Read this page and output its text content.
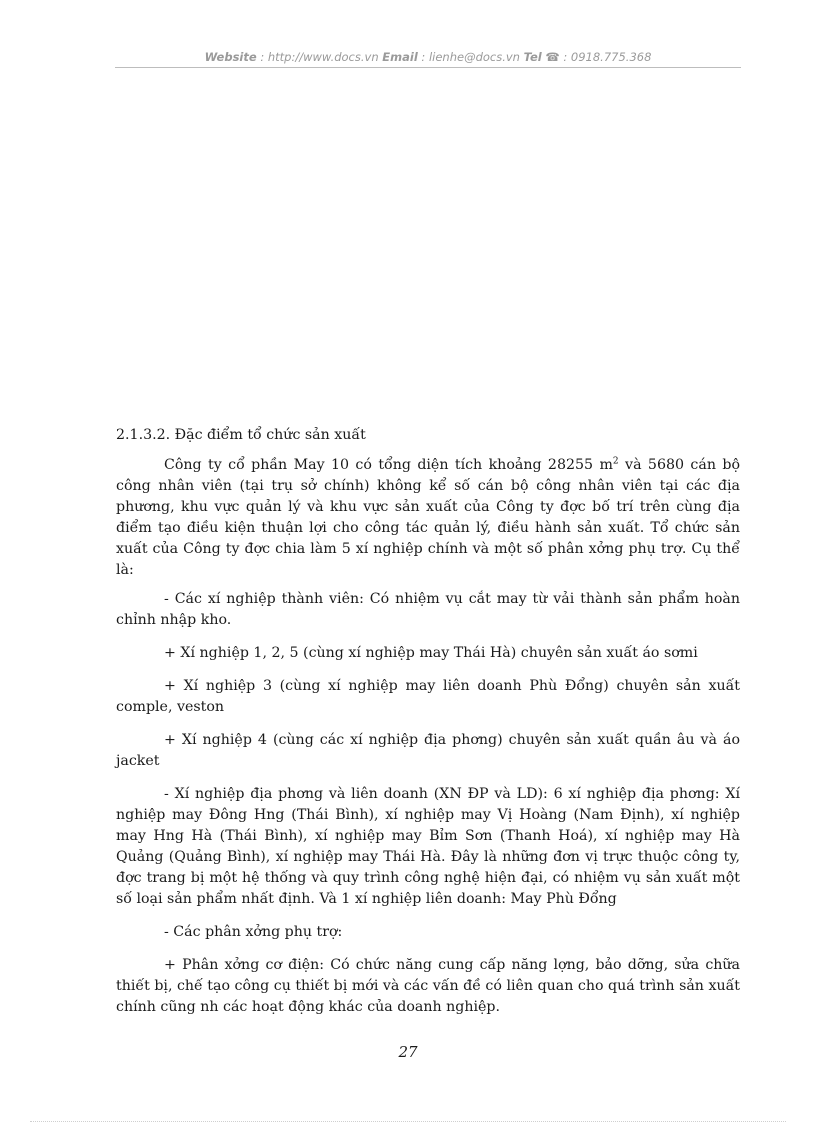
Website : http://www.docs.vn Email : lienhe@docs.vn Tel ☎ : 0918.775.368

2.1.3.2. Đặc điểm tổ chức sản xuất

Công ty cổ phần May 10 có tổng diện tích khoảng 28255 $m^2$ và 5680 cán bộ công nhân viên (tại trụ sở chính) không kể số cán bộ công nhân viên tại các địa phương, khu vực quản lý và khu vực sản xuất của Công ty đợc bố trí trên cùng địa điểm tạo điều kiện thuận lợi cho công tác quản lý, điều hành sản xuất. Tổ chức sản xuất của Công ty đợc chia làm 5 xí nghiệp chính và một số phân xởng phụ trợ. Cụ thể là:

- Các xí nghiệp thành viên: Có nhiệm vụ cắt may từ vải thành sản phẩm hoàn chỉnh nhập kho.

+ Xí nghiệp 1, 2, 5 (cùng xí nghiệp may Thái Hà) chuyên sản xuất áo sơmi

+ Xí nghiệp 3 (cùng xí nghiệp may liên doanh Phù Đổng) chuyên sản xuất comple, veston

+ Xí nghiệp 4 (cùng các xí nghiệp địa phơng) chuyên sản xuất quần âu và áo jacket

- Xí nghiệp địa phơng và liên doanh (XN ĐP và LD): 6 xí nghiệp địa phơng: Xí nghiệp may Đông Hng (Thái Bình), xí nghiệp may Vị Hoàng (Nam Định), xí nghiệp may Hng Hà (Thái Bình), xí nghiệp may Bỉm Sơn (Thanh Hoá), xí nghiệp may Hà Quảng (Quảng Bình), xí nghiệp may Thái Hà. Đây là những đơn vị trực thuộc công ty, đợc trang bị một hệ thống và quy trình công nghệ hiện đại, có nhiệm vụ sản xuất một số loại sản phẩm nhất định. Và 1 xí nghiệp liên doanh: May Phù Đổng

- Các phân xởng phụ trợ:

+ Phân xởng cơ điện: Có chức năng cung cấp năng lợng, bảo dỡng, sửa chữa thiết bị, chế tạo công cụ thiết bị mới và các vấn đề có liên quan cho quá trình sản xuất chính cũng nh các hoạt động khác của doanh nghiệp.

27
